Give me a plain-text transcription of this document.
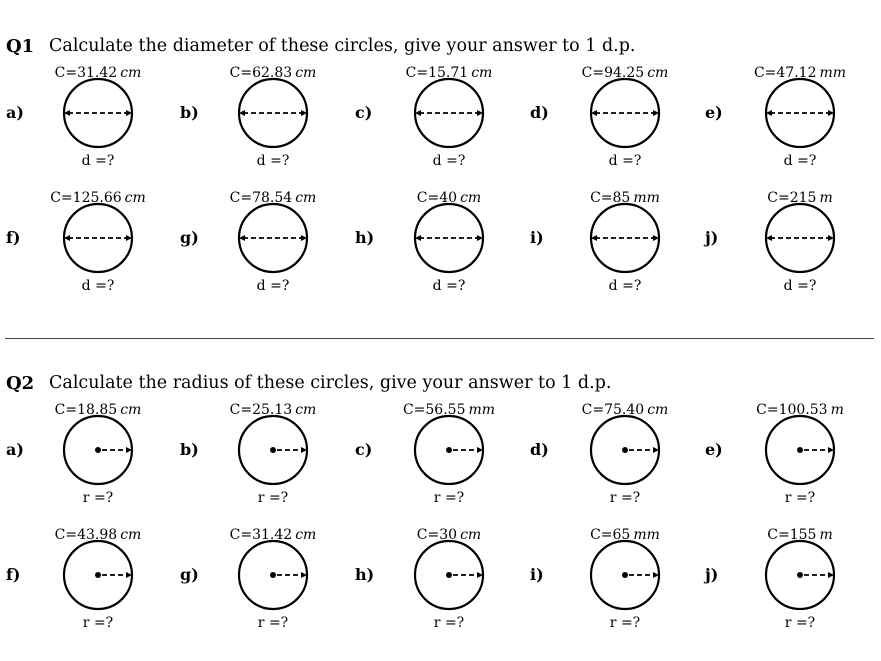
Q1 Calculate the diameter of these circles, give your answer to 1 d.p.
C=31.42 cm
a)
d =?
C=62.83 cm
b)
d =?
C=15.71 cm
c)
d =?
C=94.25 cm
d)
d =?
C=47.12 mm
e)
d =?
C=125.66 cm
f)
d =?
C=78.54 cm
g)
d =?
C=40 cm
h)
d =?
C=85 mm
i)
d =?
C=215 m
j)
d =?
Q2 Calculate the radius of these circles, give your answer to 1 d.p.
C=18.85 cm
a)
r =?
C=25.13 cm
b)
r =?
C=56.55 mm
c)
r =?
C=75.40 cm
d)
r =?
C=100.53 m
e)
r =?
C=43.98 cm
f)
r =?
C=31.42 cm
g)
r =?
C=30 cm
h)
r =?
C=65 mm
i)
r =?
C=155 m
j)
r =?
